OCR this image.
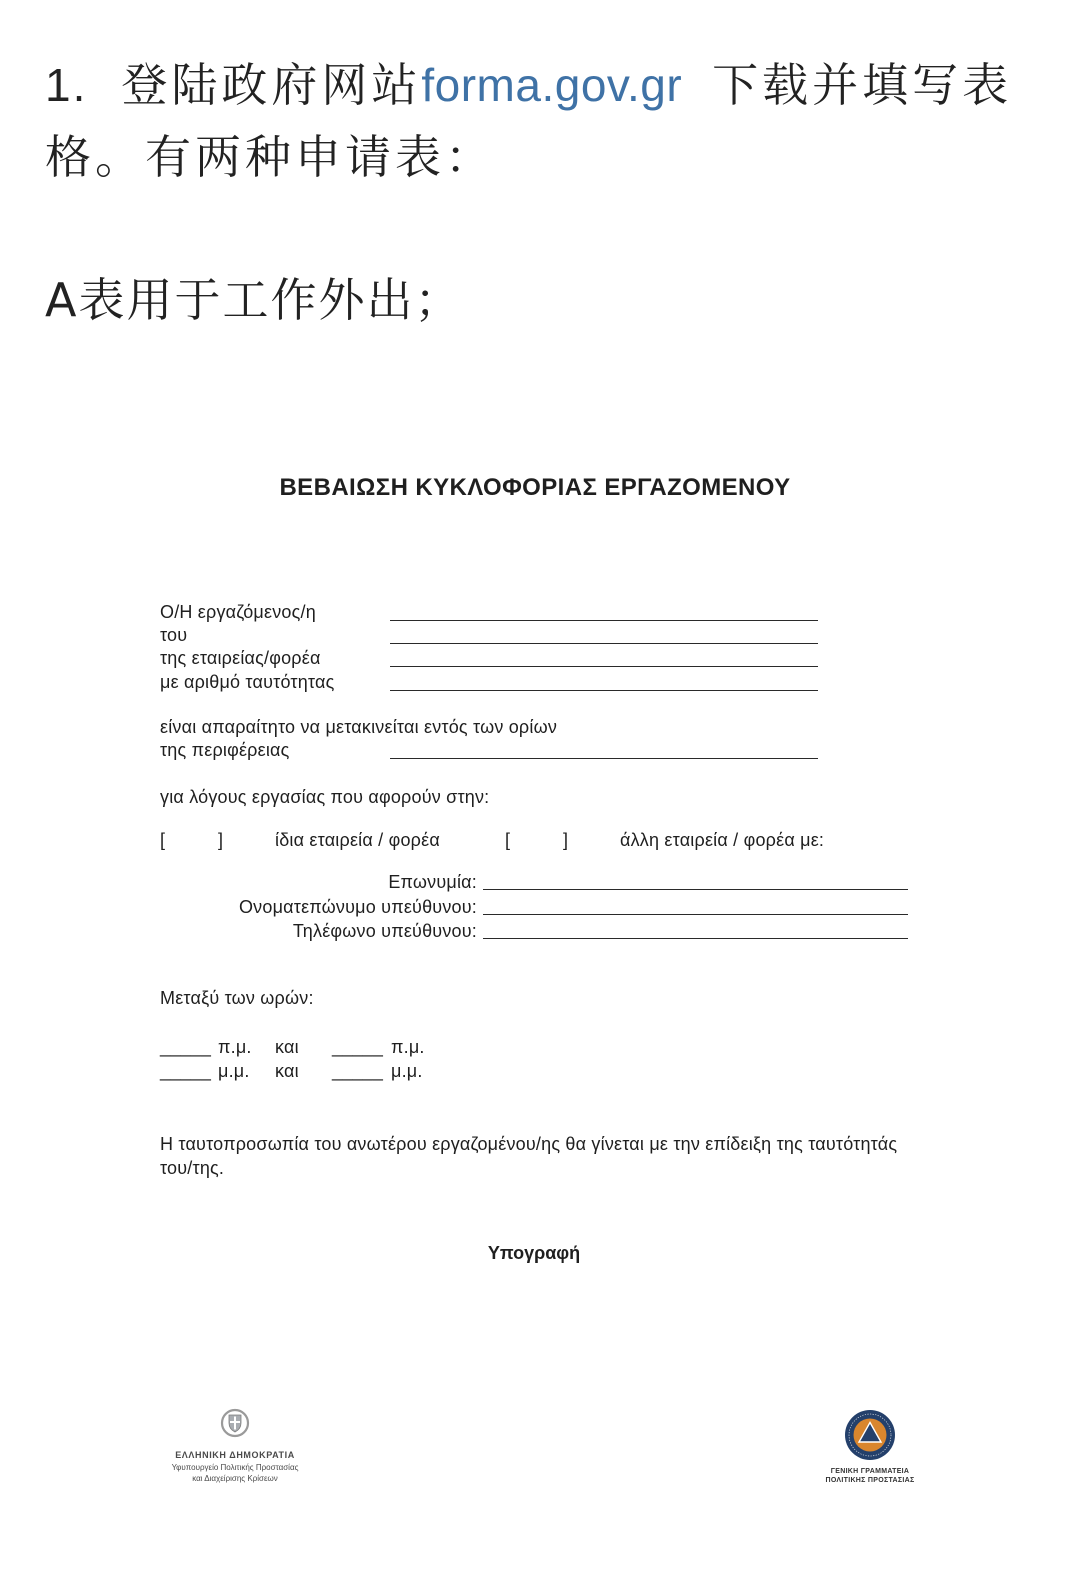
1. 登陆政府网站forma.gov.gr 下载并填写表格。有两种申请表：
A表用于工作外出；
ΒΕΒΑΙΩΣΗ ΚΥΚΛΟΦΟΡΙΑΣ ΕΡΓΑΖΟΜΕΝΟΥ
Ο/Η εργαζόμενος/η
του
της εταιρείας/φορέα
με αριθμό ταυτότητας
είναι απαραίτητο να μετακινείται εντός των ορίων
της περιφέρειας
για λόγους εργασίας που αφορούν στην:
[	]	ίδια εταιρεία / φορέα	[	]	άλλη εταιρεία / φορέα με:
Επωνυμία:
Ονοματεπώνυμο υπεύθυνου:
Τηλέφωνο υπεύθυνου:
Μεταξύ των ωρών:
_____ π.μ. και _____ π.μ.
_____ μ.μ. και _____ μ.μ.
Η ταυτοπροσωπία του ανωτέρου εργαζομένου/ης θα γίνεται με την επίδειξη της ταυτότητάς του/της.
Υπογραφή
ΕΛΛΗΝΙΚΗ ΔΗΜΟΚΡΑΤΙΑ
Υφυπουργείο Πολιτικής Προστασίας
και Διαχείρισης Κρίσεων
ΓΕΝΙΚΗ ΓΡΑΜΜΑΤΕΙΑ
ΠΟΛΙΤΙΚΗΣ ΠΡΟΣΤΑΣΙΑΣ
